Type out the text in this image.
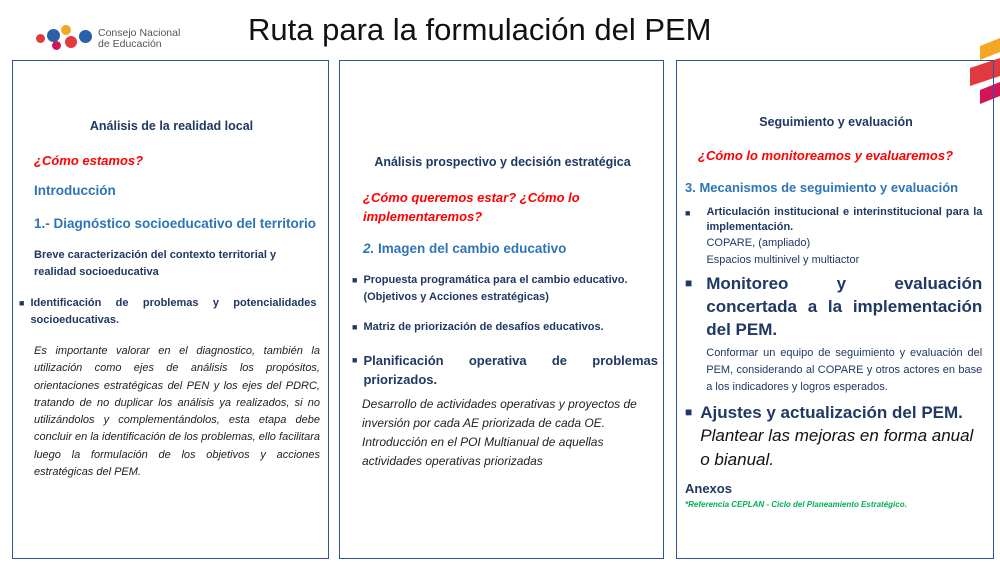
Consejo Nacional
de Educación	Ruta para la formulación del PEM

Análisis de la realidad local

¿Cómo estamos?

Introducción

1.- Diagnóstico socioeducativo del territorio

Breve caracterización del contexto territorial y realidad socioeducativa

■ Identificación de problemas y potencialidades socioeducativas.

Es importante valorar en el diagnostico, también la utilización como ejes de análisis los propósitos, orientaciones estratégicas del PEN y los ejes del PDRC, tratando de no duplicar los análisis ya realizados, si no utilizándolos y complementándolos, esta etapa debe concluir en la identificación de los problemas, ello facilitara luego la formulación de los objetivos y acciones estratégicas del PEM.

Análisis prospectivo y decisión estratégica

¿Cómo queremos estar? ¿Cómo lo implementaremos?

2. Imagen del cambio educativo

■ Propuesta programática para el cambio educativo. (Objetivos y Acciones estratégicas)
■ Matriz de priorización de desafíos educativos.
■ Planificación operativa de problemas priorizados.

Desarrollo de actividades operativas y proyectos de inversión por cada AE priorizada de cada OE. Introducción en el POI Multianual de aquellas actividades operativas priorizadas

Seguimiento y evaluación

¿Cómo lo monitoreamos y evaluaremos?

3. Mecanismos de seguimiento y evaluación

■ Articulación institucional e interinstitucional para la implementación.
COPARE, (ampliado)
Espacios multinivel y multiactor
■ Monitoreo y evaluación concertada a la implementación del PEM.
Conformar un equipo de seguimiento y evaluación del PEM, considerando al COPARE y otros actores en base a los indicadores y logros esperados.
■ Ajustes y actualización del PEM.
Plantear las mejoras en forma anual o bianual.

Anexos

*Referencia CEPLAN - Ciclo del Planeamiento Estratégico.
